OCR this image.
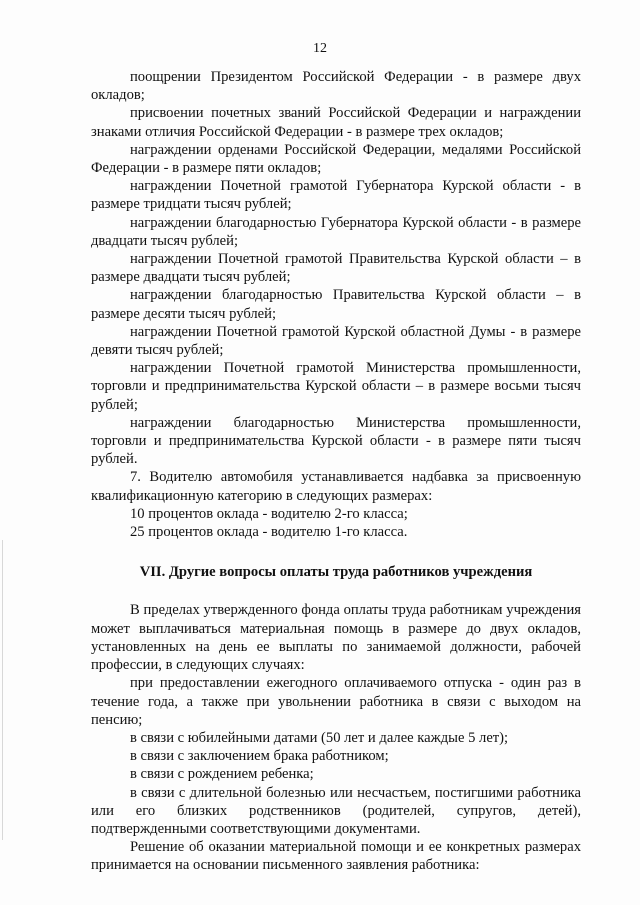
12

поощрении Президентом Российской Федерации - в размере двух окладов;

присвоении почетных званий Российской Федерации и награждении знаками отличия Российской Федерации - в размере трех окладов;

награждении орденами Российской Федерации, медалями Российской Федерации - в размере пяти окладов;

награждении Почетной грамотой Губернатора Курской области - в размере тридцати тысяч рублей;

награждении благодарностью Губернатора Курской области - в размере двадцати тысяч рублей;

награждении Почетной грамотой Правительства Курской области – в размере двадцати тысяч рублей;

награждении благодарностью Правительства Курской области – в размере десяти тысяч рублей;

награждении Почетной грамотой Курской областной Думы - в размере девяти тысяч рублей;

награждении Почетной грамотой Министерства промышленности, торговли и предпринимательства Курской области – в размере восьми тысяч рублей;

награждении благодарностью Министерства промышленности, торговли и предпринимательства Курской области - в размере пяти тысяч рублей.

7. Водителю автомобиля устанавливается надбавка за присвоенную квалификационную категорию в следующих размерах:

10 процентов оклада - водителю 2-го класса;

25 процентов оклада - водителю 1-го класса.

VII. Другие вопросы оплаты труда работников учреждения

В пределах утвержденного фонда оплаты труда работникам учреждения может выплачиваться материальная помощь в размере до двух окладов, установленных на день ее выплаты по занимаемой должности, рабочей профессии, в следующих случаях:

при предоставлении ежегодного оплачиваемого отпуска - один раз в течение года, а также при увольнении работника в связи с выходом на пенсию;

в связи с юбилейными датами (50 лет и далее каждые 5 лет);

в связи с заключением брака работником;

в связи с рождением ребенка;

в связи с длительной болезнью или несчастьем, постигшими работника или его близких родственников (родителей, супругов, детей), подтвержденными соответствующими документами.

Решение об оказании материальной помощи и ее конкретных размерах принимается на основании письменного заявления работника:
